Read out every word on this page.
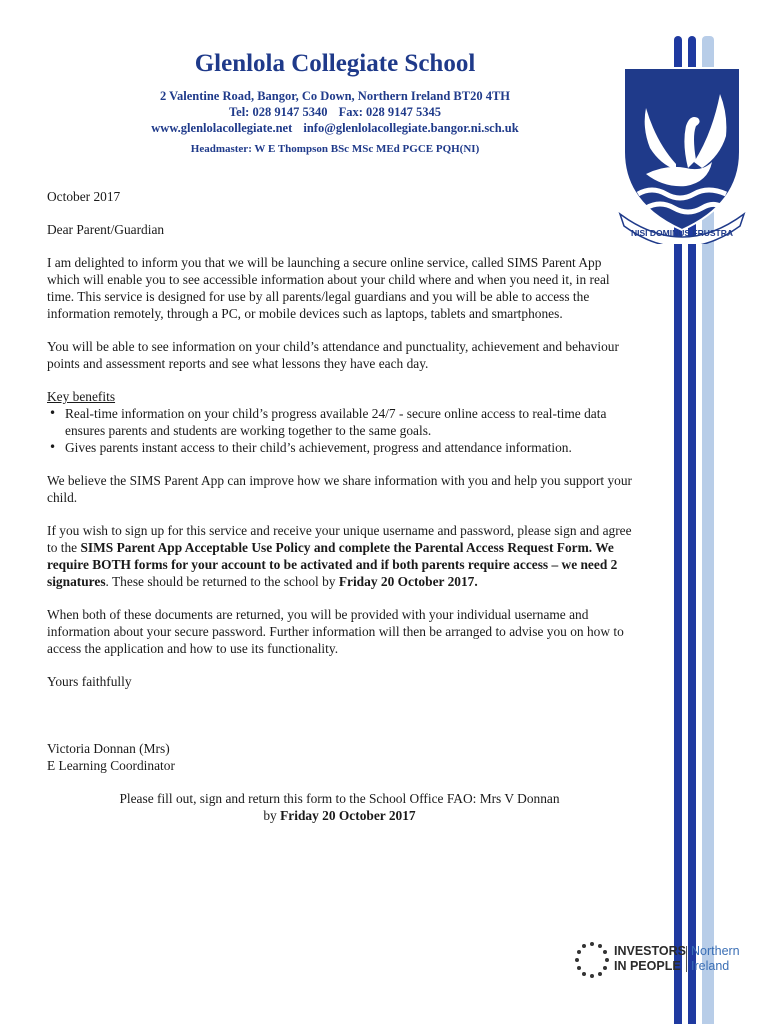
Glenlola Collegiate School
2 Valentine Road, Bangor, Co Down, Northern Ireland BT20 4TH
Tel: 028 9147 5340 Fax: 028 9147 5345
www.glenlolacollegiate.net info@glenlolacollegiate.bangor.ni.sch.uk
Headmaster: W E Thompson BSc MSc MEd PGCE PQH(NI)
NISI DOMINUS FRUSTRA

October 2017

Dear Parent/Guardian

I am delighted to inform you that we will be launching a secure online service, called SIMS Parent App which will enable you to see accessible information about your child where and when you need it, in real time. This service is designed for use by all parents/legal guardians and you will be able to access the information remotely, through a PC, or mobile devices such as laptops, tablets and smartphones.

You will be able to see information on your child’s attendance and punctuality, achievement and behaviour points and assessment reports and see what lessons they have each day.

Key benefits

• Real-time information on your child’s progress available 24/7 - secure online access to real-time data ensures parents and students are working together to the same goals.
• Gives parents instant access to their child’s achievement, progress and attendance information.

We believe the SIMS Parent App can improve how we share information with you and help you support your child.

If you wish to sign up for this service and receive your unique username and password, please sign and agree to the SIMS Parent App Acceptable Use Policy and complete the Parental Access Request Form. We require BOTH forms for your account to be activated and if both parents require access – we need 2 signatures. These should be returned to the school by Friday 20 October 2017.

When both of these documents are returned, you will be provided with your individual username and information about your secure password. Further information will then be arranged to advise you on how to access the application and how to use its functionality.

Yours faithfully

Victoria Donnan (Mrs)

E Learning Coordinator

Please fill out, sign and return this form to the School Office FAO: Mrs V Donnan

by Friday 20 October 2017

INVESTORS
IN PEOPLE
Northern
Ireland
